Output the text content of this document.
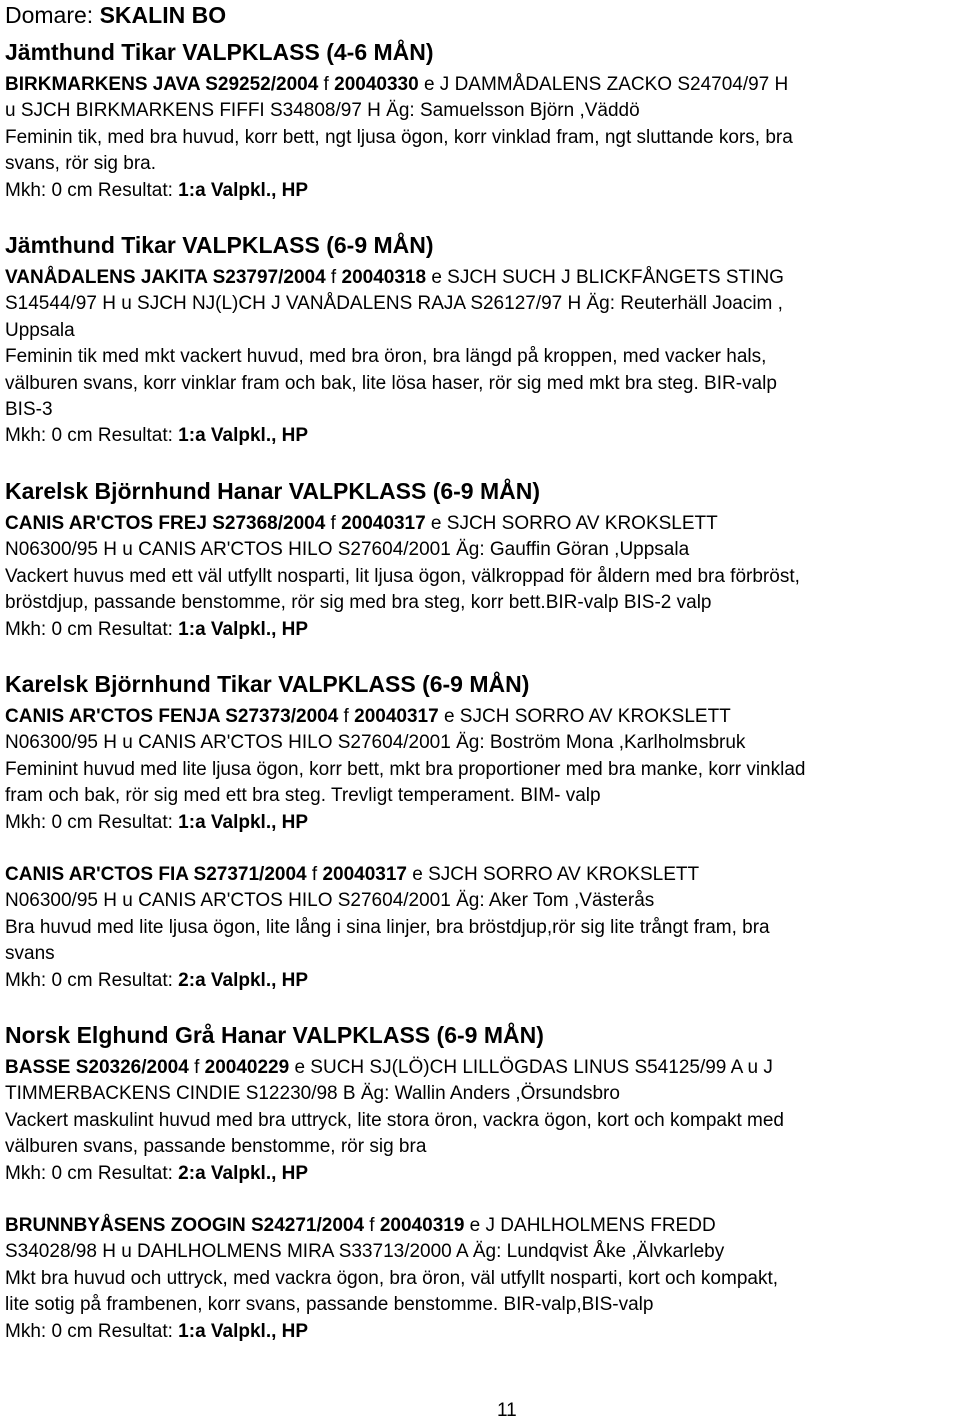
Domare: SKALIN BO
Jämthund Tikar VALPKLASS (4-6 MÅN)
BIRKMARKENS JAVA S29252/2004 f 20040330 e J DAMMÅDALENS ZACKO S24704/97 H
u SJCH BIRKMARKENS FIFFI S34808/97 H Äg: Samuelsson Björn ,Väddö
Feminin tik, med bra huvud, korr bett, ngt ljusa ögon, korr vinklad fram, ngt sluttande kors, bra
svans, rör sig bra.
Mkh: 0 cm Resultat: 1:a Valpkl., HP
Jämthund Tikar VALPKLASS (6-9 MÅN)
VANÅDALENS JAKITA S23797/2004 f 20040318 e SJCH SUCH J BLICKFÅNGETS STING
S14544/97 H u SJCH NJ(L)CH J VANÅDALENS RAJA S26127/97 H Äg: Reuterhäll Joacim ,
Uppsala
Feminin tik med mkt vackert huvud, med bra öron, bra längd på kroppen, med vacker hals,
välburen svans, korr vinklar fram och bak, lite lösa haser, rör sig med mkt bra steg. BIR-valp
BIS-3
Mkh: 0 cm Resultat: 1:a Valpkl., HP
Karelsk Björnhund Hanar VALPKLASS (6-9 MÅN)
CANIS AR'CTOS FREJ S27368/2004 f 20040317 e SJCH SORRO AV KROKSLETT
N06300/95 H u CANIS AR'CTOS HILO S27604/2001 Äg: Gauffin Göran ,Uppsala
Vackert huvus med ett väl utfyllt nosparti, lit ljusa ögon, välkroppad för åldern med bra förbröst,
bröstdjup, passande benstomme, rör sig med bra steg, korr bett.BIR-valp BIS-2 valp
Mkh: 0 cm Resultat: 1:a Valpkl., HP
Karelsk Björnhund Tikar VALPKLASS (6-9 MÅN)
CANIS AR'CTOS FENJA S27373/2004 f 20040317 e SJCH SORRO AV KROKSLETT
N06300/95 H u CANIS AR'CTOS HILO S27604/2001 Äg: Boström Mona ,Karlholmsbruk
Feminint huvud med lite ljusa ögon, korr bett, mkt bra proportioner med bra manke, korr vinklad
fram och bak, rör sig med ett bra steg. Trevligt temperament. BIM- valp
Mkh: 0 cm Resultat: 1:a Valpkl., HP
CANIS AR'CTOS FIA S27371/2004 f 20040317 e SJCH SORRO AV KROKSLETT
N06300/95 H u CANIS AR'CTOS HILO S27604/2001 Äg: Aker Tom ,Västerås
Bra huvud med lite ljusa ögon, lite lång i sina linjer, bra bröstdjup,rör sig lite trångt fram, bra
svans
Mkh: 0 cm Resultat: 2:a Valpkl., HP
Norsk Elghund Grå Hanar VALPKLASS (6-9 MÅN)
BASSE S20326/2004 f 20040229 e SUCH SJ(LÖ)CH LILLÖGDAS LINUS S54125/99 A u J
TIMMERBACKENS CINDIE S12230/98 B Äg: Wallin Anders ,Örsundsbro
Vackert maskulint huvud med bra uttryck, lite stora öron, vackra ögon, kort och kompakt med
välburen svans, passande benstomme, rör sig bra
Mkh: 0 cm Resultat: 2:a Valpkl., HP
BRUNNBYÅSENS ZOOGIN S24271/2004 f 20040319 e J DAHLHOLMENS FREDD
S34028/98 H u DAHLHOLMENS MIRA S33713/2000 A Äg: Lundqvist Åke ,Älvkarleby
Mkt bra huvud och uttryck, med vackra ögon, bra öron, väl utfyllt nosparti, kort och kompakt,
lite sotig på frambenen, korr svans, passande benstomme. BIR-valp,BIS-valp
Mkh: 0 cm Resultat: 1:a Valpkl., HP
11
